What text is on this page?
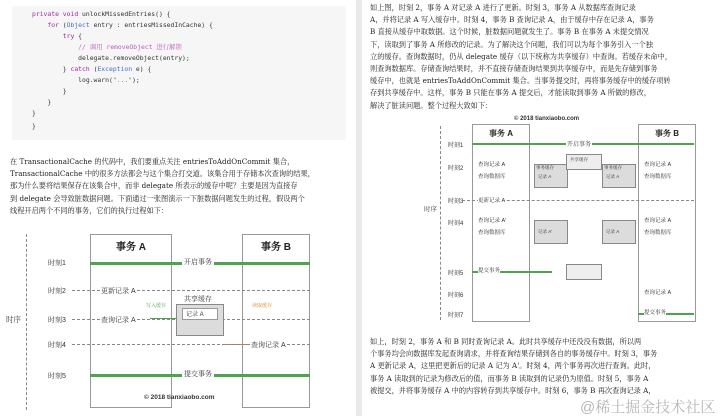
private void unlockMissedEntries() {
for (Object entry : entriesMissedInCache) {
try {
// 调用 removeObject 进行解锁
delegate.removeObject(entry);
} catch (Exception e) {
log.warn("...");
}
}
}
}
在 TransactionalCache 的代码中，我们要重点关注 entriesToAddOnCommit 集合，
TransactionalCache 中的很多方法都会与这个集合打交道。该集合用于存储本次查询的结果，
那为什么要将结果保存在该集合中，而非 delegate 所表示的缓存中呢？主要是因为直接存
到 delegate 会导致脏数据问题。下面通过一张图演示一下脏数据问题发生的过程，假设两个
线程开启两个不同的事务，它们的执行过程如下：
事务 A	事务 B
时序
时刻1	开启事务
时刻2	更新记录 A
时刻3	查询记录 A
写入缓存	读取缓存
共享缓存
记录 A
时刻4	查询记录 A
时刻5	提交事务
© 2018 tianxiaobo.com
如上图，时刻 2，事务 A 对记录 A 进行了更新。时刻 3，事务 A 从数据库查询记录
A，并将记录 A 写入缓存中。时刻 4，事务 B 查询记录 A，由于缓存中存在记录 A，事务
B 直接从缓存中取数据。这个时候，脏数据问题就发生了。事务 B 在事务 A 未提交情况
下，读取到了事务 A 所修改的记录。为了解决这个问题，我们可以为每个事务引入一个独
立的缓存。查询数据时，仍从 delegate 缓存（以下统称为共享缓存）中查询。若缓存未命中，
则查询数据库。存储查询结果时，并不直接存储查询结果到共享缓存中，而是先存储到事务
缓存中，也就是 entriesToAddOnCommit 集合。当事务提交时，再将事务缓存中的缓存项转
存到共享缓存中。这样，事务 B 只能在事务 A 提交后，才能读取到事务 A 所做的修改，
解决了脏读问题。整个过程大致如下：
© 2018 tianxiaobo.com
事务 A	事务 B
时序
时刻1	开启事务
时刻2
查询记录 A
查询数据库
查询记录 A
查询数据库
事务缓存
记录 A
事务缓存
记录 A
共享缓存
时刻3	更新记录 A
时刻4	查询记录 A'
查询数据库
查询记录 A
查询数据库
记录 A'	记录 A
时刻5	提交事务
时刻6	查询记录 A
时刻7	提交事务
如上，时刻 2，事务 A 和 B 同时查询记录 A。此时共享缓存中还没没有数据，所以两
个事务均会向数据库发起查询请求，并将查询结果存储到各自的事务缓存中。时刻 3，事务
A 更新记录 A，这里把更新后的记录 A 记为 A'。时刻 4，两个事务再次进行查询。此时，
事务 A 读取到的记录为修改后的值，而事务 B 读取到的记录仍为原值。时刻 5，事务 A
被提交，并将事务缓存 A 中的内容转存到共享缓存中。时刻 6，事务 B 再次查询记录 A，
@稀土掘金技术社区
